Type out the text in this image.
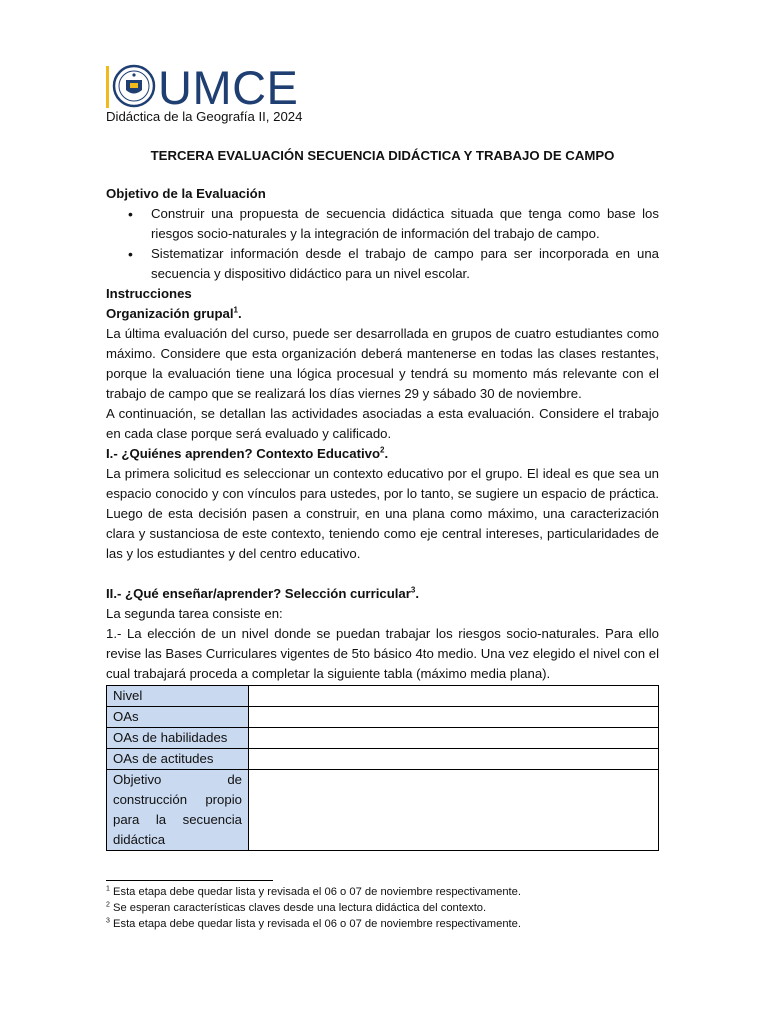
UMCE

Didáctica de la Geografía II, 2024

TERCERA EVALUACIÓN SECUENCIA DIDÁCTICA Y TRABAJO DE CAMPO

Objetivo de la Evaluación

• Construir una propuesta de secuencia didáctica situada que tenga como base los riesgos socio-naturales y la integración de información del trabajo de campo.
• Sistematizar información desde el trabajo de campo para ser incorporada en una secuencia y dispositivo didáctico para un nivel escolar.

Instrucciones

Organización grupal$^1$.

La última evaluación del curso, puede ser desarrollada en grupos de cuatro estudiantes como máximo. Considere que esta organización deberá mantenerse en todas las clases restantes, porque la evaluación tiene una lógica procesual y tendrá su momento más relevante con el trabajo de campo que se realizará los días viernes 29 y sábado 30 de noviembre.

A continuación, se detallan las actividades asociadas a esta evaluación. Considere el trabajo en cada clase porque será evaluado y calificado.

I.- ¿Quiénes aprenden? Contexto Educativo$^2$.

La primera solicitud es seleccionar un contexto educativo por el grupo. El ideal es que sea un espacio conocido y con vínculos para ustedes, por lo tanto, se sugiere un espacio de práctica. Luego de esta decisión pasen a construir, en una plana como máximo, una caracterización clara y sustanciosa de este contexto, teniendo como eje central intereses, particularidades de las y los estudiantes y del centro educativo.

II.- ¿Qué enseñar/aprender? Selección curricular$^3$.

La segunda tarea consiste en:

1.- La elección de un nivel donde se puedan trabajar los riesgos socio-naturales. Para ello revise las Bases Curriculares vigentes de 5to básico 4to medio. Una vez elegido el nivel con el cual trabajará proceda a completar la siguiente tabla (máximo media plana).

Nivel	
OAs	
OAs de habilidades	
OAs de actitudes	

Objetivo de
construcción propio
para la secuencia
didáctica	

$^1$ Esta etapa debe quedar lista y revisada el 06 o 07 de noviembre respectivamente.

$^2$ Se esperan características claves desde una lectura didáctica del contexto.

$^3$ Esta etapa debe quedar lista y revisada el 06 o 07 de noviembre respectivamente.
